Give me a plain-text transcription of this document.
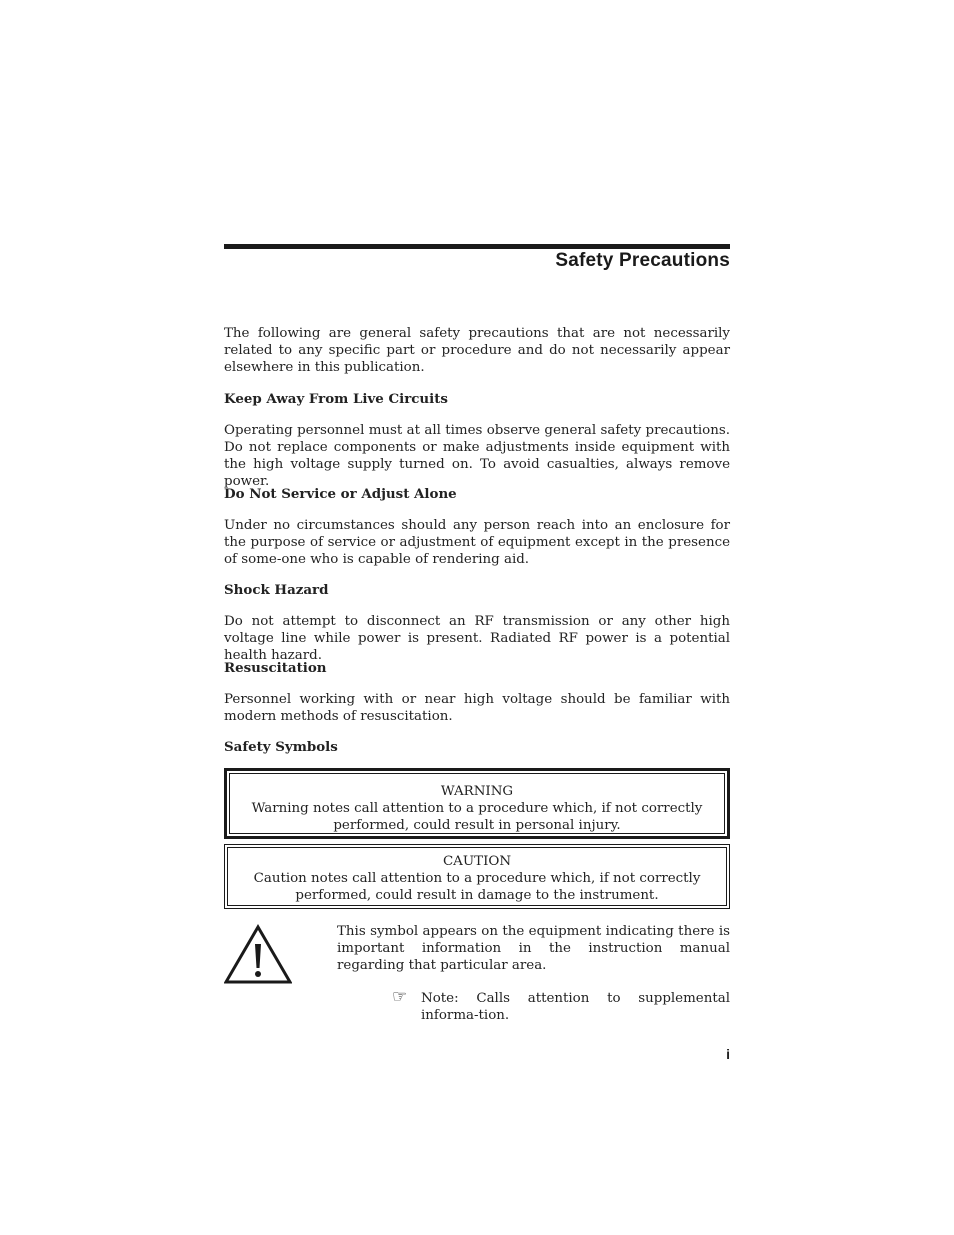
Safety Precautions
The following are general safety precautions that are not necessarily related to any specific part or procedure and do not necessarily appear elsewhere in this publication.
Keep Away From Live Circuits
Operating personnel must at all times observe general safety precautions. Do not replace components or make adjustments inside equipment with the high voltage supply turned on. To avoid casualties, always remove power.
Do Not Service or Adjust Alone
Under no circumstances should any person reach into an enclosure for the purpose of service or adjustment of equipment except in the presence of some-one who is capable of rendering aid.
Shock Hazard
Do not attempt to disconnect an RF transmission or any other high voltage line while power is present. Radiated RF power is a potential health hazard.
Resuscitation
Personnel working with or near high voltage should be familiar with modern methods of resuscitation.
Safety Symbols
WARNING
Warning notes call attention to a procedure which, if not correctly
performed, could result in personal injury.
CAUTION
Caution notes call attention to a procedure which, if not correctly
performed, could result in damage to the instrument.
This symbol appears on the equipment indicating there is important information in the instruction manual regarding that particular area.
☞ Note: Calls attention to supplemental informa-tion.
i
